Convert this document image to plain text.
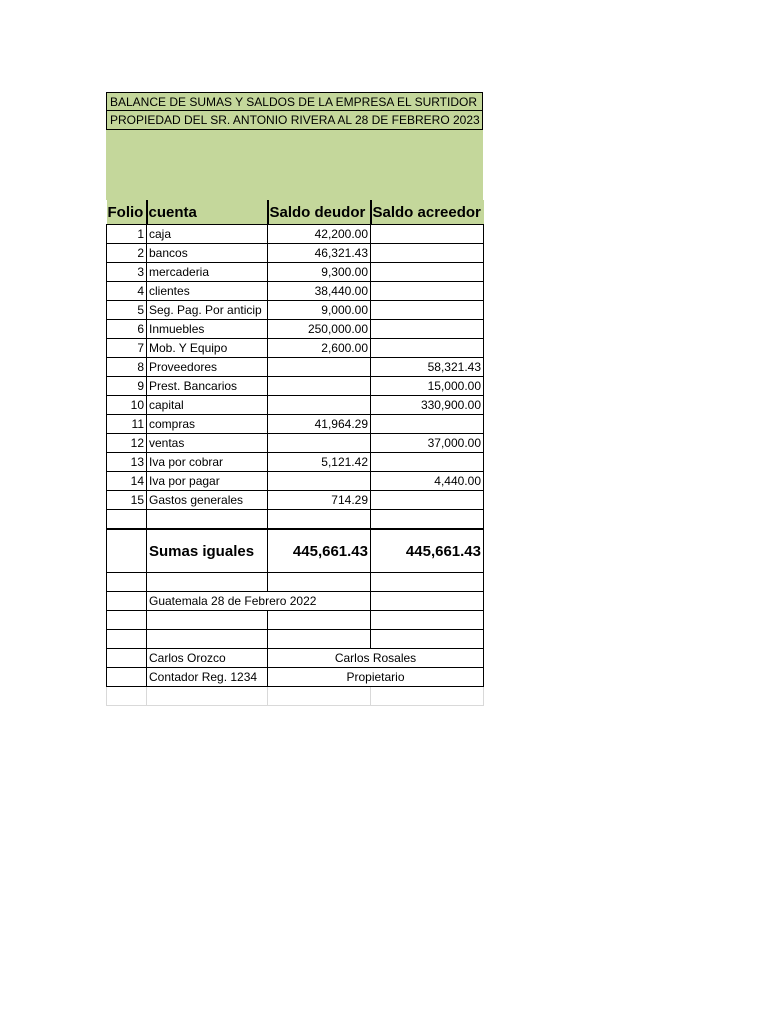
BALANCE DE SUMAS Y SALDOS DE LA EMPRESA EL SURTIDOR
PROPIEDAD DEL SR. ANTONIO RIVERA AL 28 DE FEBRERO 2023
Folio	cuenta	Saldo deudor	Saldo acreedor
1	caja	42,200.00	
2	bancos	46,321.43	
3	mercaderia	9,300.00	
4	clientes	38,440.00	
5	Seg. Pag. Por anticip	9,000.00	
6	Inmuebles	250,000.00	
7	Mob. Y Equipo	2,600.00	
8	Proveedores		58,321.43
9	Prest. Bancarios		15,000.00
10	capital		330,900.00
11	compras	41,964.29	
12	ventas		37,000.00
13	Iva por cobrar	5,121.42	
14	Iva por pagar		4,440.00
15	Gastos generales	714.29	

	Sumas iguales	445,661.43	445,661.43

	Guatemala 28 de Febrero 2022		

	Carlos Orozco	Carlos Rosales	
	Contador Reg. 1234	Propietario	
